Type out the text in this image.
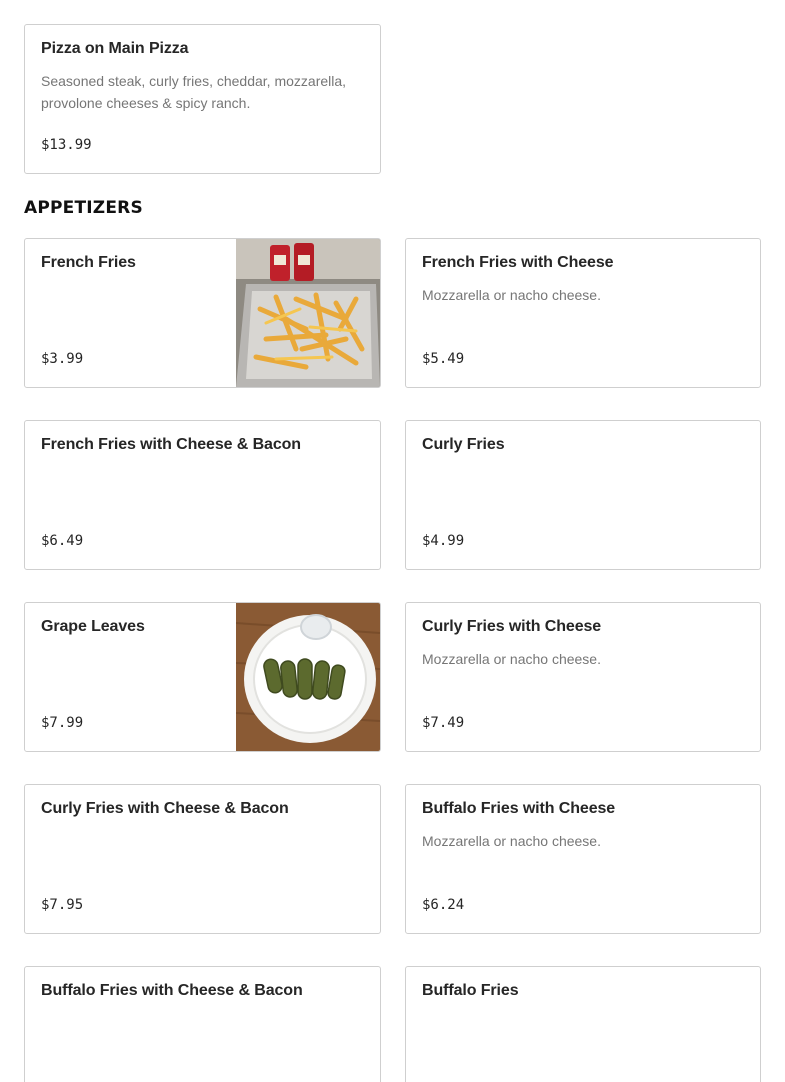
Pizza on Main Pizza
Seasoned steak, curly fries, cheddar, mozzarella, provolone cheeses & spicy ranch.
$13.99
APPETIZERS
French Fries
$3.99
French Fries with Cheese
Mozzarella or nacho cheese.
$5.49
French Fries with Cheese & Bacon
$6.49
Curly Fries
$4.99
Grape Leaves
$7.99
Curly Fries with Cheese
Mozzarella or nacho cheese.
$7.49
Curly Fries with Cheese & Bacon
$7.95
Buffalo Fries with Cheese
Mozzarella or nacho cheese.
$6.24
Buffalo Fries with Cheese & Bacon	Buffalo Fries
